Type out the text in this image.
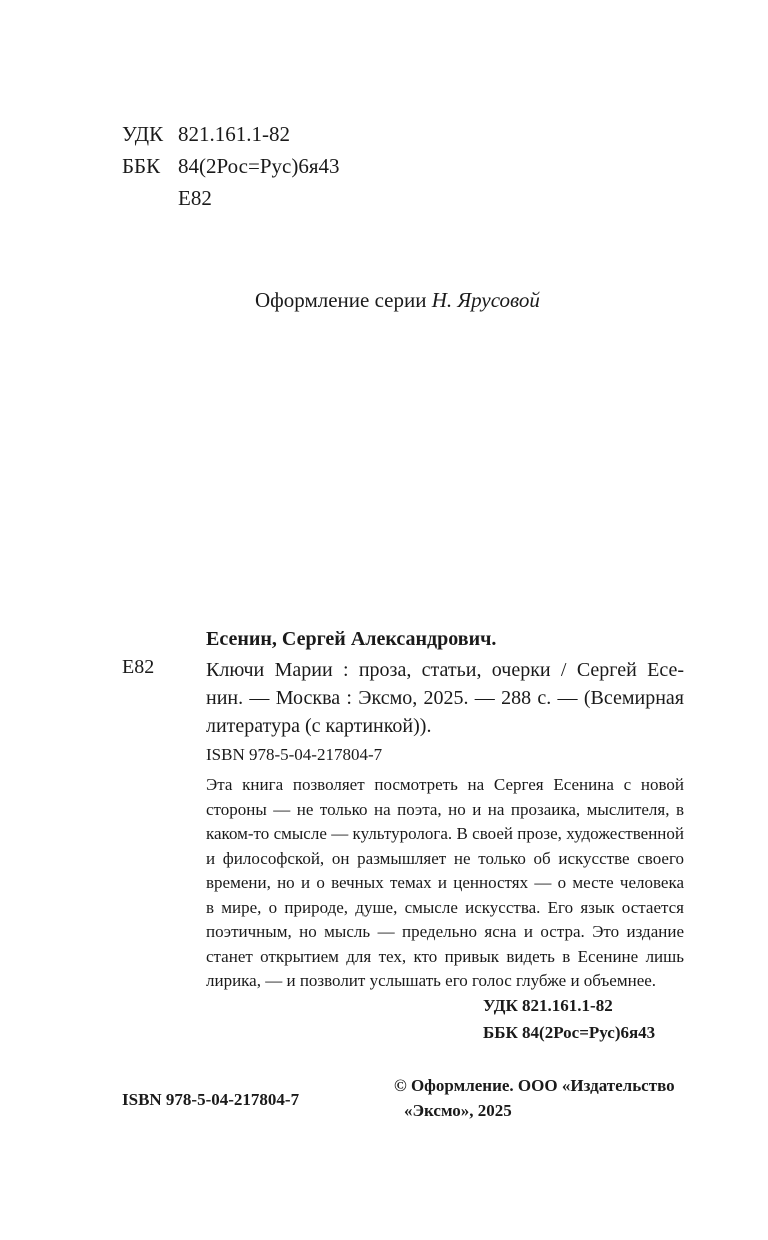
УДК 821.161.1-82
ББК 84(2Рос=Рус)6я43
Е82
Оформление серии Н. Ярусовой
Есенин, Сергей Александрович.
Е82	Ключи Марии : проза, статьи, очерки / Сергей Есе-
нин. — Москва : Эксмо, 2025. — 288 с. — (Всемирная
литература (с картинкой)).
ISBN 978-5-04-217804-7
Эта книга позволяет посмотреть на Сергея Есенина с новой
стороны — не только на поэта, но и на прозаика, мыслителя, в
каком-то смысле — культуролога. В своей прозе, художественной
и философской, он размышляет не только об искусстве своего
времени, но и о вечных темах и ценностях — о месте человека
в мире, о природе, душе, смысле искусства. Его язык остается
поэтичным, но мысль — предельно ясна и остра. Это издание
станет открытием для тех, кто привык видеть в Есенине лишь
лирика, — и позволит услышать его голос глубже и объемнее.
УДК 821.161.1-82
ББК 84(2Рос=Рус)6я43
ISBN 978-5-04-217804-7
© Оформление. ООО «Издательство
«Эксмо», 2025
